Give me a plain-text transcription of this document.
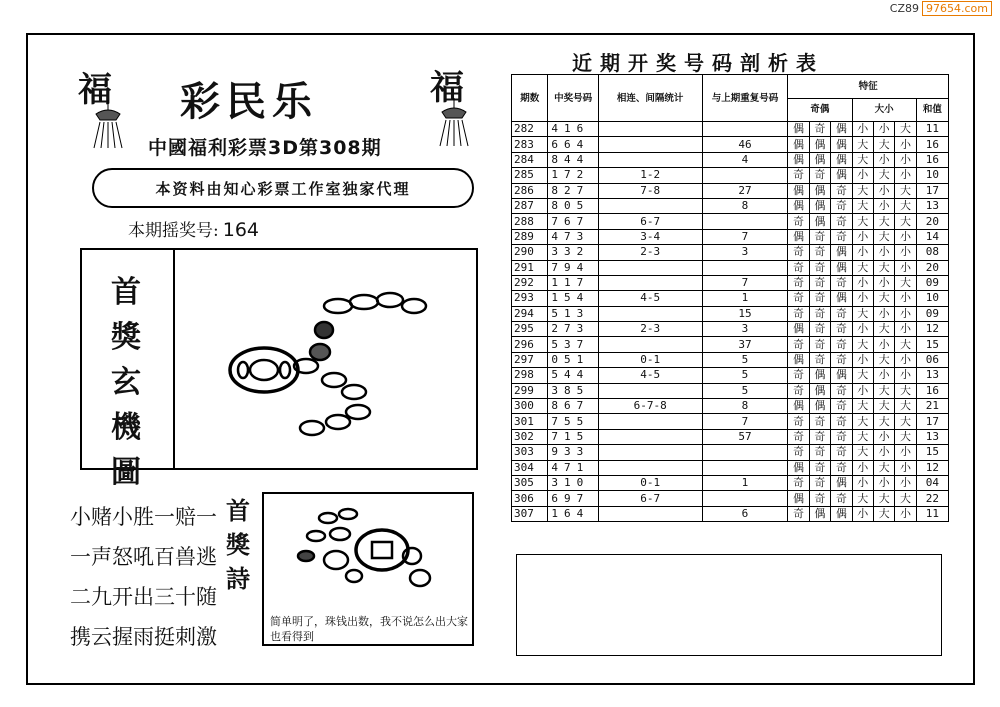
CZ89 97654.com
福	福
彩民乐
中國福利彩票3D第308期
本资料由知心彩票工作室独家代理
本期摇奖号: 164
首
獎
玄
機
圖
小赌小胜一赔一
一声怒吼百兽逃
二九开出三十随
携云握雨挺刺激
首
獎
詩
简单明了，珠钱出数，我不说怎么出大家也看得到
近期开奖号码剖析表
期数	中奖号码	相连、间隔统计	与上期重复号码	特征						
				奇偶			大小			和值
282	416			偶	奇	偶	小	小	大	11
283	664		46	偶	偶	偶	大	大	小	16
284	844		4	偶	偶	偶	大	小	小	16
285	172	1-2		奇	奇	偶	小	大	小	10
286	827	7-8	27	偶	偶	奇	大	小	大	17
287	805		8	偶	偶	奇	大	小	大	13
288	767	6-7		奇	偶	奇	大	大	大	20
289	473	3-4	7	偶	奇	奇	小	大	小	14
290	332	2-3	3	奇	奇	偶	小	小	小	08
291	794			奇	奇	偶	大	大	小	20
292	117		7	奇	奇	奇	小	小	大	09
293	154	4-5	1	奇	奇	偶	小	大	小	10
294	513		15	奇	奇	奇	大	小	小	09
295	273	2-3	3	偶	奇	奇	小	大	小	12
296	537		37	奇	奇	奇	大	小	大	15
297	051	0-1	5	偶	奇	奇	小	大	小	06
298	544	4-5	5	奇	偶	偶	大	小	小	13
299	385		5	奇	偶	奇	小	大	大	16
300	867	6-7-8	8	偶	偶	奇	大	大	大	21
301	755		7	奇	奇	奇	大	大	大	17
302	715		57	奇	奇	奇	大	小	大	13
303	933			奇	奇	奇	大	小	小	15
304	471			偶	奇	奇	小	大	小	12
305	310	0-1	1	奇	奇	偶	小	小	小	04
306	697	6-7		偶	奇	奇	大	大	大	22
307	164		6	奇	偶	偶	小	大	小	11
